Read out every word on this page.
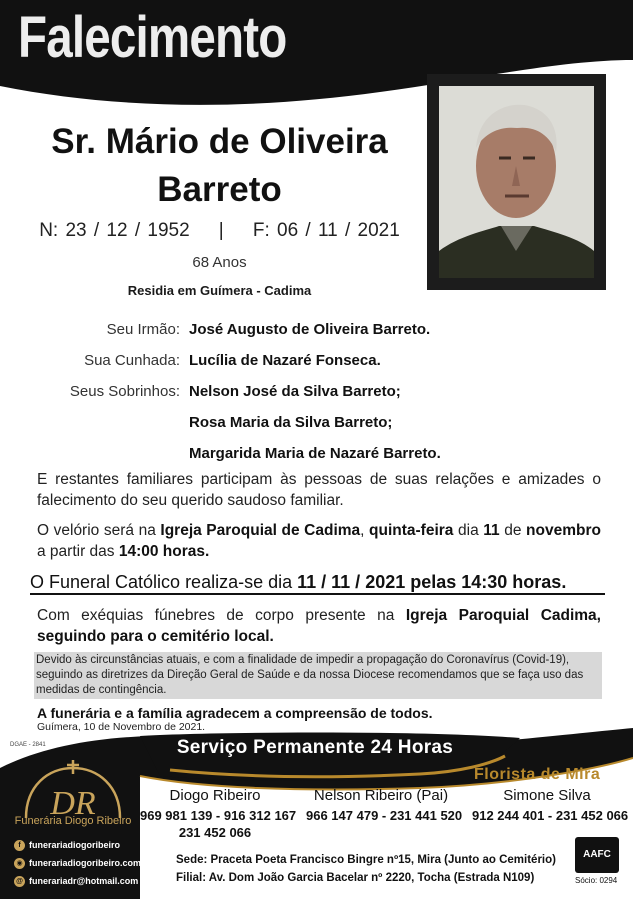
Falecimento
Sr. Mário de Oliveira
Barreto
N: 23 / 12 / 1952    |    F: 06 / 11 / 2021
68 Anos
Residia em Guímera - Cadima
Seu Irmão: José Augusto de Oliveira Barreto.
Sua Cunhada: Lucília de Nazaré Fonseca.
Seus Sobrinhos: Nelson José da Silva Barreto;
Rosa Maria da Silva Barreto;
Margarida Maria de Nazaré Barreto.
E restantes familiares participam às pessoas de suas relações e amizades o falecimento do seu querido saudoso familiar.
O velório será na Igreja Paroquial de Cadima, quinta-feira dia 11 de novembro a partir das 14:00 horas.
O Funeral Católico realiza-se dia 11 / 11 / 2021 pelas 14:30 horas.
Com exéquias fúnebres de corpo presente na Igreja Paroquial Cadima, seguindo para o cemitério local.
Devido às circunstâncias atuais, e com a finalidade de impedir a propagação do Coronavírus (Covid-19), seguindo as diretrizes da Direção Geral de Saúde e da nossa Diocese recomendamos que se faça uso das medidas de contingência.
A funerária e a família agradecem a compreensão de todos.
Guímera, 10 de Novembro de 2021.
DGAE - 2841	Serviço Permanente 24 Horas
Florista de Mira
DR
Funerária Diogo Ribeiro
f funerariadiogoribeiro
◉ funerariadiogoribeiro.com
@ funerariadr@hotmail.com
Diogo Ribeiro
969 981 139 - 916 312 167
231 452 066
Nelson Ribeiro (Pai)
966 147 479 - 231 441 520
Simone Silva
912 244 401 - 231 452 066
Sede: Praceta Poeta Francisco Bingre nº15, Mira (Junto ao Cemitério)
Filial: Av. Dom João Garcia Bacelar nº 2220, Tocha (Estrada N109)
AAFC
Sócio: 0294
